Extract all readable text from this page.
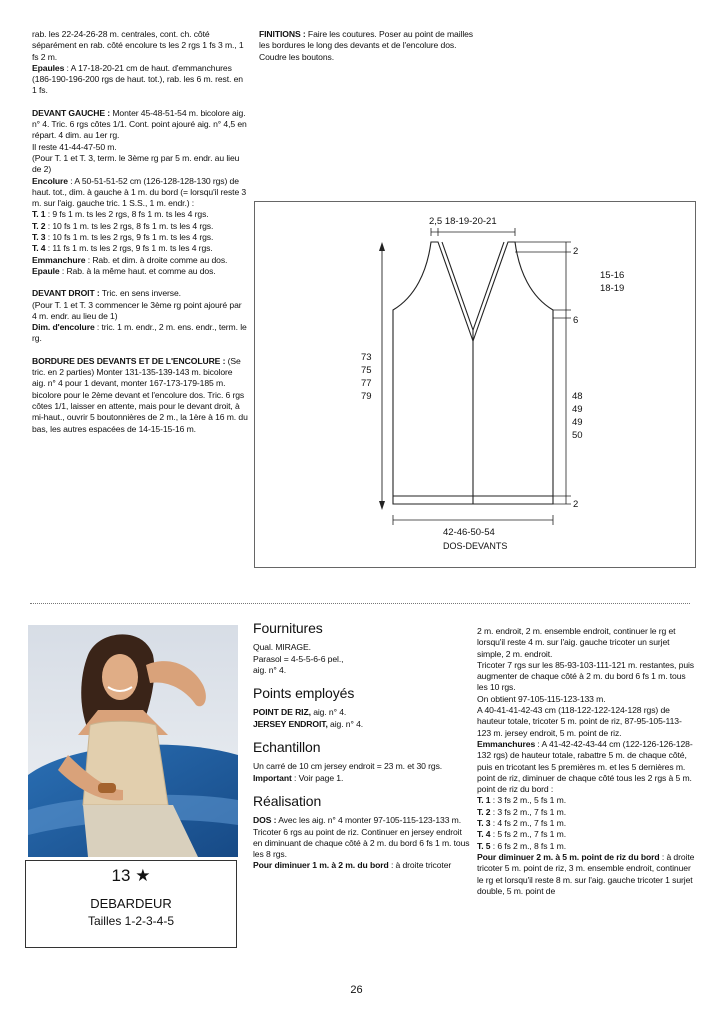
rab. les 22-24-26-28 m. centrales, cont. ch. côté séparément en rab. côté encolure ts les 2 rgs 1 fs 3 m., 1 fs 2 m.

Epaules : A 17-18-20-21 cm de haut. d'emmanchures (186-190-196-200 rgs de haut. tot.), rab. les 6 m. rest. en 1 fs.

DEVANT GAUCHE : Monter 45-48-51-54 m. bicolore aig. n° 4. Tric. 6 rgs côtes 1/1. Cont. point ajouré aig. n° 4,5 en répart. 4 dim. au 1er rg.

Il reste 41-44-47-50 m.

(Pour T. 1 et T. 3, term. le 3ème rg par 5 m. endr. au lieu de 2)

Encolure : A 50-51-51-52 cm (126-128-128-130 rgs) de haut. tot., dim. à gauche à 1 m. du bord (= lorsqu'il reste 3 m. sur l'aig. gauche tric. 1 S.S., 1 m. endr.) :

T. 1 : 9 fs 1 m. ts les 2 rgs, 8 fs 1 m. ts les 4 rgs.

T. 2 : 10 fs 1 m. ts les 2 rgs, 8 fs 1 m. ts les 4 rgs.

T. 3 : 10 fs 1 m. ts les 2 rgs, 9 fs 1 m. ts les 4 rgs.

T. 4 : 11 fs 1 m. ts les 2 rgs, 9 fs 1 m. ts les 4 rgs.

Emmanchure : Rab. et dim. à droite comme au dos.

Epaule : Rab. à la même haut. et comme au dos.

DEVANT DROIT : Tric. en sens inverse.

(Pour T. 1 et T. 3 commencer le 3ème rg point ajouré par 4 m. endr. au lieu de 1)

Dim. d'encolure : tric. 1 m. endr., 2 m. ens. endr., term. le rg.

BORDURE DES DEVANTS ET DE L'ENCOLURE : (Se tric. en 2 parties) Monter 131-135-139-143 m. bicolore aig. n° 4 pour 1 devant, monter 167-173-179-185 m. bicolore pour le 2ème devant et l'encolure dos. Tric. 6 rgs côtes 1/1, laisser en attente, mais pour le devant droit, à mi-haut., ouvrir 5 boutonnières de 2 m., la 1ère à 16 m. du bas, les autres espacées de 14-15-15-16 m.

FINITIONS : Faire les coutures. Poser au point de mailles les bordures le long des devants et de l'encolure dos. Coudre les boutons.

2,5 18-19-20-21
2
15-16
18-19
6
48
49
49
50
2
73
75
77
79
42-46-50-54
DOS-DEVANTS
13 ★
DEBARDEUR
Tailles 1-2-3-4-5
Fournitures

Qual. MIRAGE.

Parasol = 4-5-5-6-6 pel.,

aig. n° 4.

Points employés

POINT DE RIZ, aig. n° 4.

JERSEY ENDROIT, aig. n° 4.

Echantillon

Un carré de 10 cm jersey endroit = 23 m. et 30 rgs.

Important : Voir page 1.

Réalisation

DOS : Avec les aig. n° 4 monter 97-105-115-123-133 m. Tricoter 6 rgs au point de riz. Continuer en jersey endroit en diminuant de chaque côté à 2 m. du bord 6 fs 1 m. tous les 8 rgs.

Pour diminuer 1 m. à 2 m. du bord : à droite tricoter

2 m. endroit, 2 m. ensemble endroit, continuer le rg et lorsqu'il reste 4 m. sur l'aig. gauche tricoter un surjet simple, 2 m. endroit.

Tricoter 7 rgs sur les 85-93-103-111-121 m. restantes, puis augmenter de chaque côté à 2 m. du bord 6 fs 1 m. tous les 10 rgs.

On obtient 97-105-115-123-133 m.

A 40-41-41-42-43 cm (118-122-122-124-128 rgs) de hauteur totale, tricoter 5 m. point de riz, 87-95-105-113-123 m. jersey endroit, 5 m. point de riz.

Emmanchures : A 41-42-42-43-44 cm (122-126-126-128-132 rgs) de hauteur totale, rabattre 5 m. de chaque côté, puis en tricotant les 5 premières m. et les 5 dernières m. point de riz, diminuer de chaque côté tous les 2 rgs à 5 m. point de riz du bord :

T. 1 : 3 fs 2 m., 5 fs 1 m.

T. 2 : 3 fs 2 m., 7 fs 1 m.

T. 3 : 4 fs 2 m., 7 fs 1 m.

T. 4 : 5 fs 2 m., 7 fs 1 m.

T. 5 : 6 fs 2 m., 8 fs 1 m.

Pour diminuer 2 m. à 5 m. point de riz du bord : à droite tricoter 5 m. point de riz, 3 m. ensemble endroit, continuer le rg et lorsqu'il reste 8 m. sur l'aig. gauche tricoter 1 surjet double, 5 m. point de

26
